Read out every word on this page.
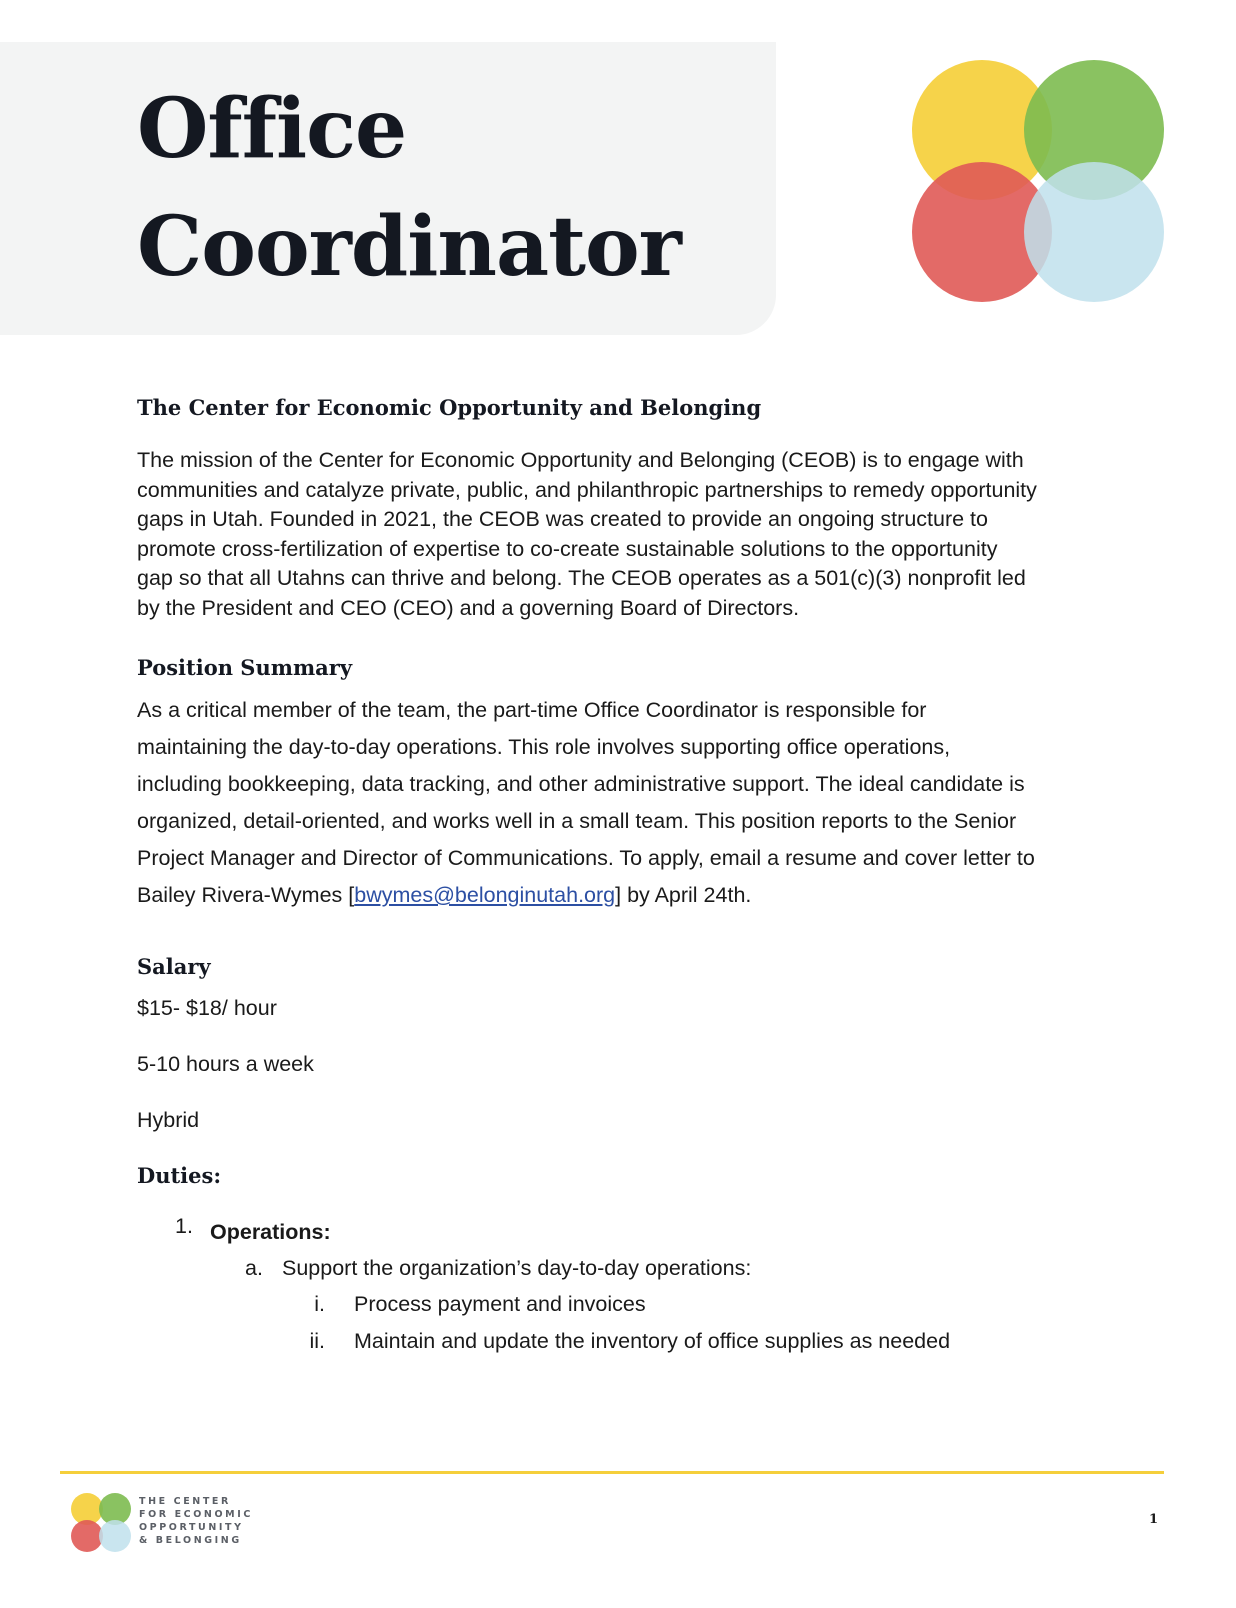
Office
Coordinator
The Center for Economic Opportunity and Belonging

The mission of the Center for Economic Opportunity and Belonging (CEOB) is to engage with
communities and catalyze private, public, and philanthropic partnerships to remedy opportunity
gaps in Utah. Founded in 2021, the CEOB was created to provide an ongoing structure to
promote cross-fertilization of expertise to co-create sustainable solutions to the opportunity
gap so that all Utahns can thrive and belong. The CEOB operates as a 501(c)(3) nonprofit led
by the President and CEO (CEO) and a governing Board of Directors.

Position Summary

As a critical member of the team, the part-time Office Coordinator is responsible for
maintaining the day-to-day operations. This role involves supporting office operations,
including bookkeeping, data tracking, and other administrative support. The ideal candidate is
organized, detail-oriented, and works well in a small team. This position reports to the Senior
Project Manager and Director of Communications. To apply, email a resume and cover letter to
Bailey Rivera-Wymes [bwymes@belonginutah.org] by April 24th.

Salary

$15- $18/ hour

5-10 hours a week

Hybrid

Duties:
1. Operations:
a. Support the organization’s day-to-day operations:
i.	Process payment and invoices
ii.	Maintain and update the inventory of office supplies as needed
THE CENTER
FOR ECONOMIC
OPPORTUNITY
& BELONGING
1
